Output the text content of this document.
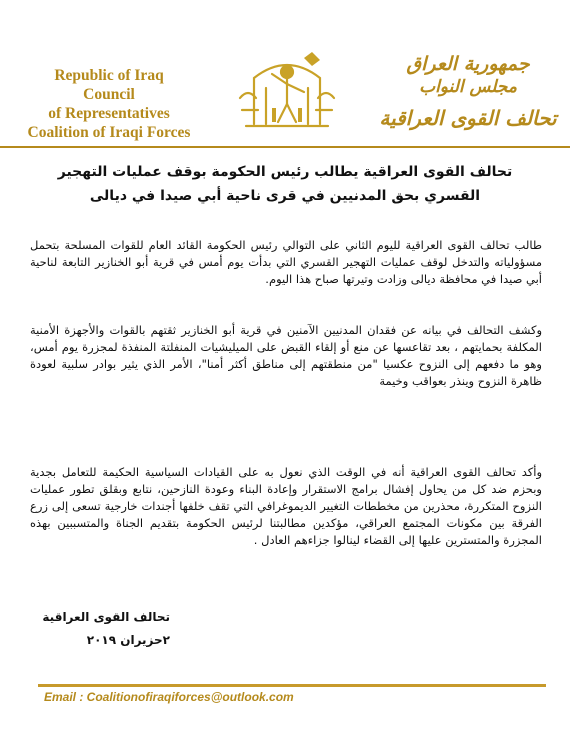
Republic of Iraq
Council
of Representatives
Coalition of Iraqi Forces
جمهورية العراق
مجلس النواب
تحالف القوى العراقية
تحالف القوى العراقية يطالب رئيس الحكومة بوقف عمليات التهجير القسري بحق المدنيين في قرى ناحية أبي صيدا في ديالى
طالب تحالف القوى العراقية لليوم الثاني على التوالي رئيس الحكومة القائد العام للقوات المسلحة بتحمل مسؤولياته والتدخل لوقف عمليات التهجير القسري التي بدأت يوم أمس في قرية أبو الخنازير التابعة لناحية أبي صيدا في محافظة ديالى وزادت وتيرتها صباح هذا اليوم.
وكشف التحالف في بيانه عن فقدان المدنيين الآمنين في قرية أبو الخنازير ثقتهم بالقوات والأجهزة الأمنية المكلفة بحمايتهم ، بعد تقاعسها عن منع أو إلقاء القبض على الميليشيات المنفلتة المنفذة لمجزرة يوم أمس، وهو ما دفعهم إلى النزوح عكسيا "من منطقتهم إلى مناطق أكثر أمنا"، الأمر الذي يثير بوادر سلبية لعودة ظاهرة النزوح وينذر بعواقب وخيمة
وأكد تحالف القوى العراقية أنه في الوقت الذي نعول به على القيادات السياسية الحكيمة للتعامل بجدية وبحزم ضد كل من يحاول إفشال برامج الاستقرار وإعادة البناء وعودة النازحين، نتابع وبقلق تطور عمليات النزوح المتكررة، محذرين من مخططات التغيير الديموغرافي التي تقف خلفها أجندات خارجية تسعى إلى زرع الفرقة بين مكونات المجتمع العراقي، مؤكدين مطالبتنا لرئيس الحكومة بتقديم الجناة والمتسببين بهذه المجزرة والمتسترين عليها إلى القضاء لينالوا جزاءهم العادل .
تحالف القوى العراقية
٢حزيران ٢٠١٩
Email : Coalitionofiraqiforces@outlook.com
